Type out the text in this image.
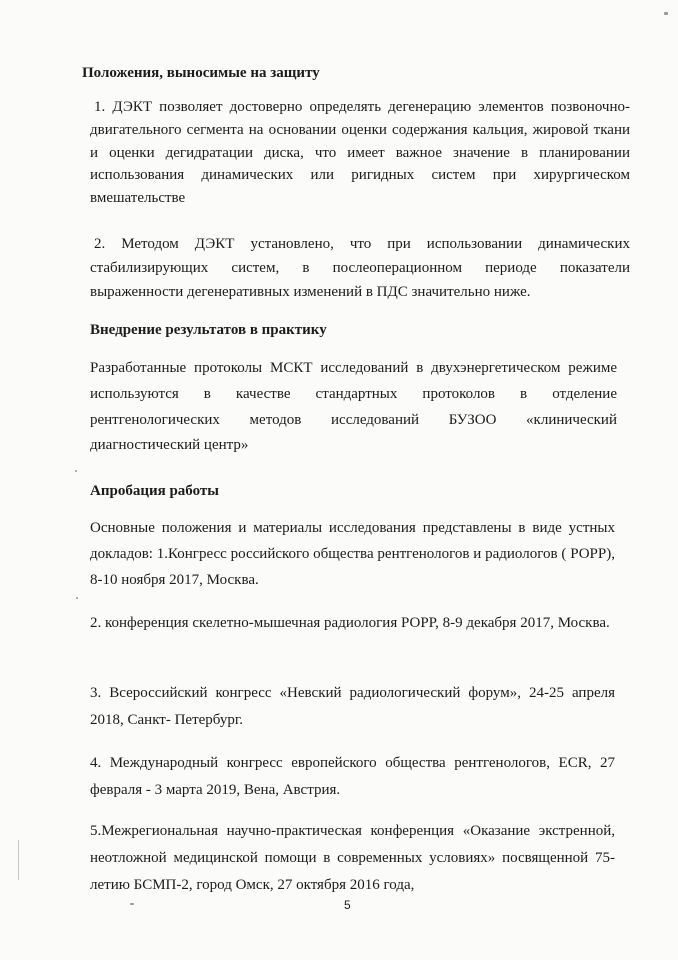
Положения, выносимые на защиту
1. ДЭКТ позволяет достоверно определять дегенерацию элементов позвоночно-двигательного сегмента на основании оценки содержания кальция, жировой ткани и оценки дегидратации диска, что имеет важное значение в планировании использования динамических или ригидных систем при хирургическом вмешательстве
2. Методом ДЭКТ установлено, что при использовании динамических стабилизирующих систем, в послеоперационном периоде показатели выраженности дегенеративных изменений в ПДС значительно ниже.
Внедрение результатов в практику
Разработанные протоколы МСКТ исследований в двухэнергетическом режиме используются в качестве стандартных протоколов в отделение рентгенологических методов исследований БУЗОО «клинический диагностический центр»
Апробация работы
Основные положения и материалы исследования представлены в виде устных докладов: 1.Конгресс российского общества рентгенологов и радиологов ( РОРР), 8-10 ноября 2017, Москва.
2. конференция скелетно-мышечная радиология РОРР, 8-9 декабря 2017, Москва.
3. Всероссийский конгресс «Невский радиологический форум», 24-25 апреля 2018, Санкт- Петербург.
4. Международный конгресс европейского общества рентгенологов, ECR, 27 февраля - 3 марта 2019, Вена, Австрия.
5.Межрегиональная научно-практическая конференция «Оказание экстренной, неотложной медицинской помощи в современных условиях» посвященной 75-летию БСМП-2, город Омск, 27 октября 2016 года,
5
